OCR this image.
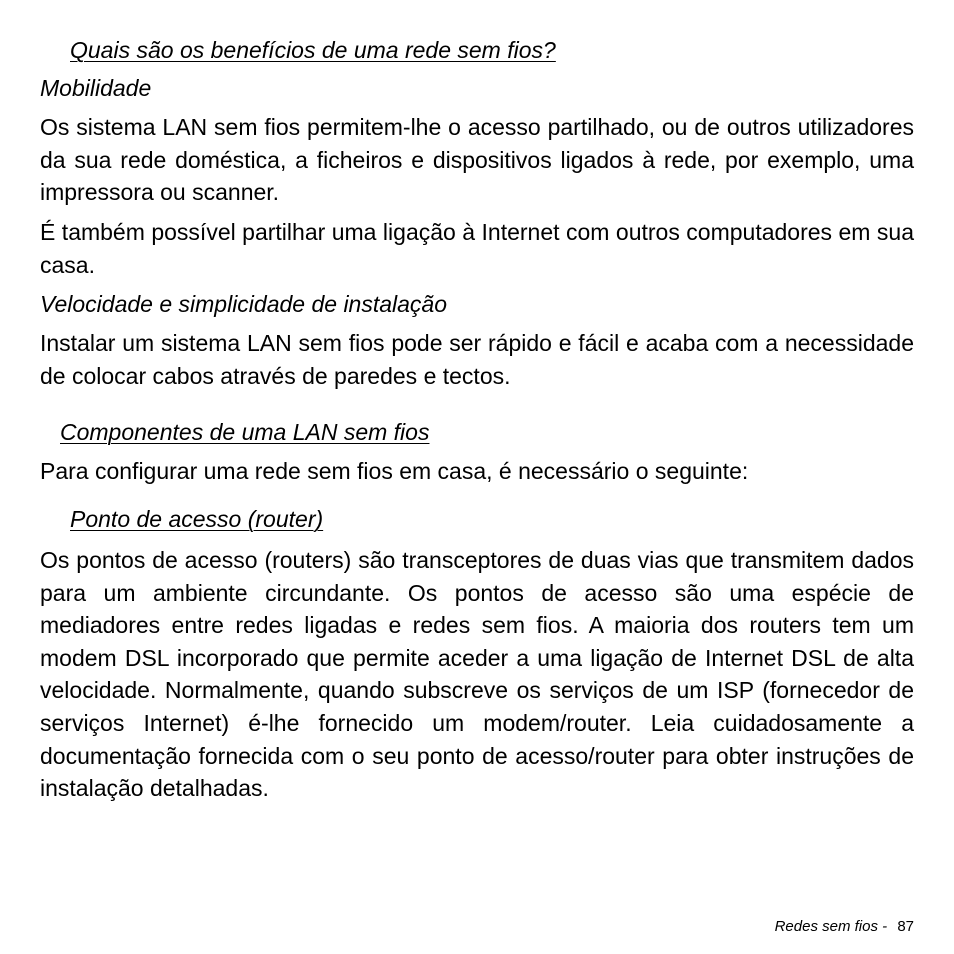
Quais são os benefícios de uma rede sem fios?
Mobilidade

Os sistema LAN sem fios permitem-lhe o acesso partilhado, ou de outros utilizadores da sua rede doméstica, a ficheiros e dispositivos ligados à rede, por exemplo, uma impressora ou scanner.

É também possível partilhar uma ligação à Internet com outros computadores em sua casa.

Velocidade e simplicidade de instalação

Instalar um sistema LAN sem fios pode ser rápido e fácil e acaba com a necessidade de colocar cabos através de paredes e tectos.

Componentes de uma LAN sem fios

Para configurar uma rede sem fios em casa, é necessário o seguinte:

Ponto de acesso (router)

Os pontos de acesso (routers) são transceptores de duas vias que transmitem dados para um ambiente circundante. Os pontos de acesso são uma espécie de mediadores entre redes ligadas e redes sem fios. A maioria dos routers tem um modem DSL incorporado que permite aceder a uma ligação de Internet DSL de alta velocidade. Normalmente, quando subscreve os serviços de um ISP (fornecedor de serviços Internet) é-lhe fornecido um modem/router. Leia cuidadosamente a documentação fornecida com o seu ponto de acesso/router para obter instruções de instalação detalhadas.

Redes sem fios - 87
